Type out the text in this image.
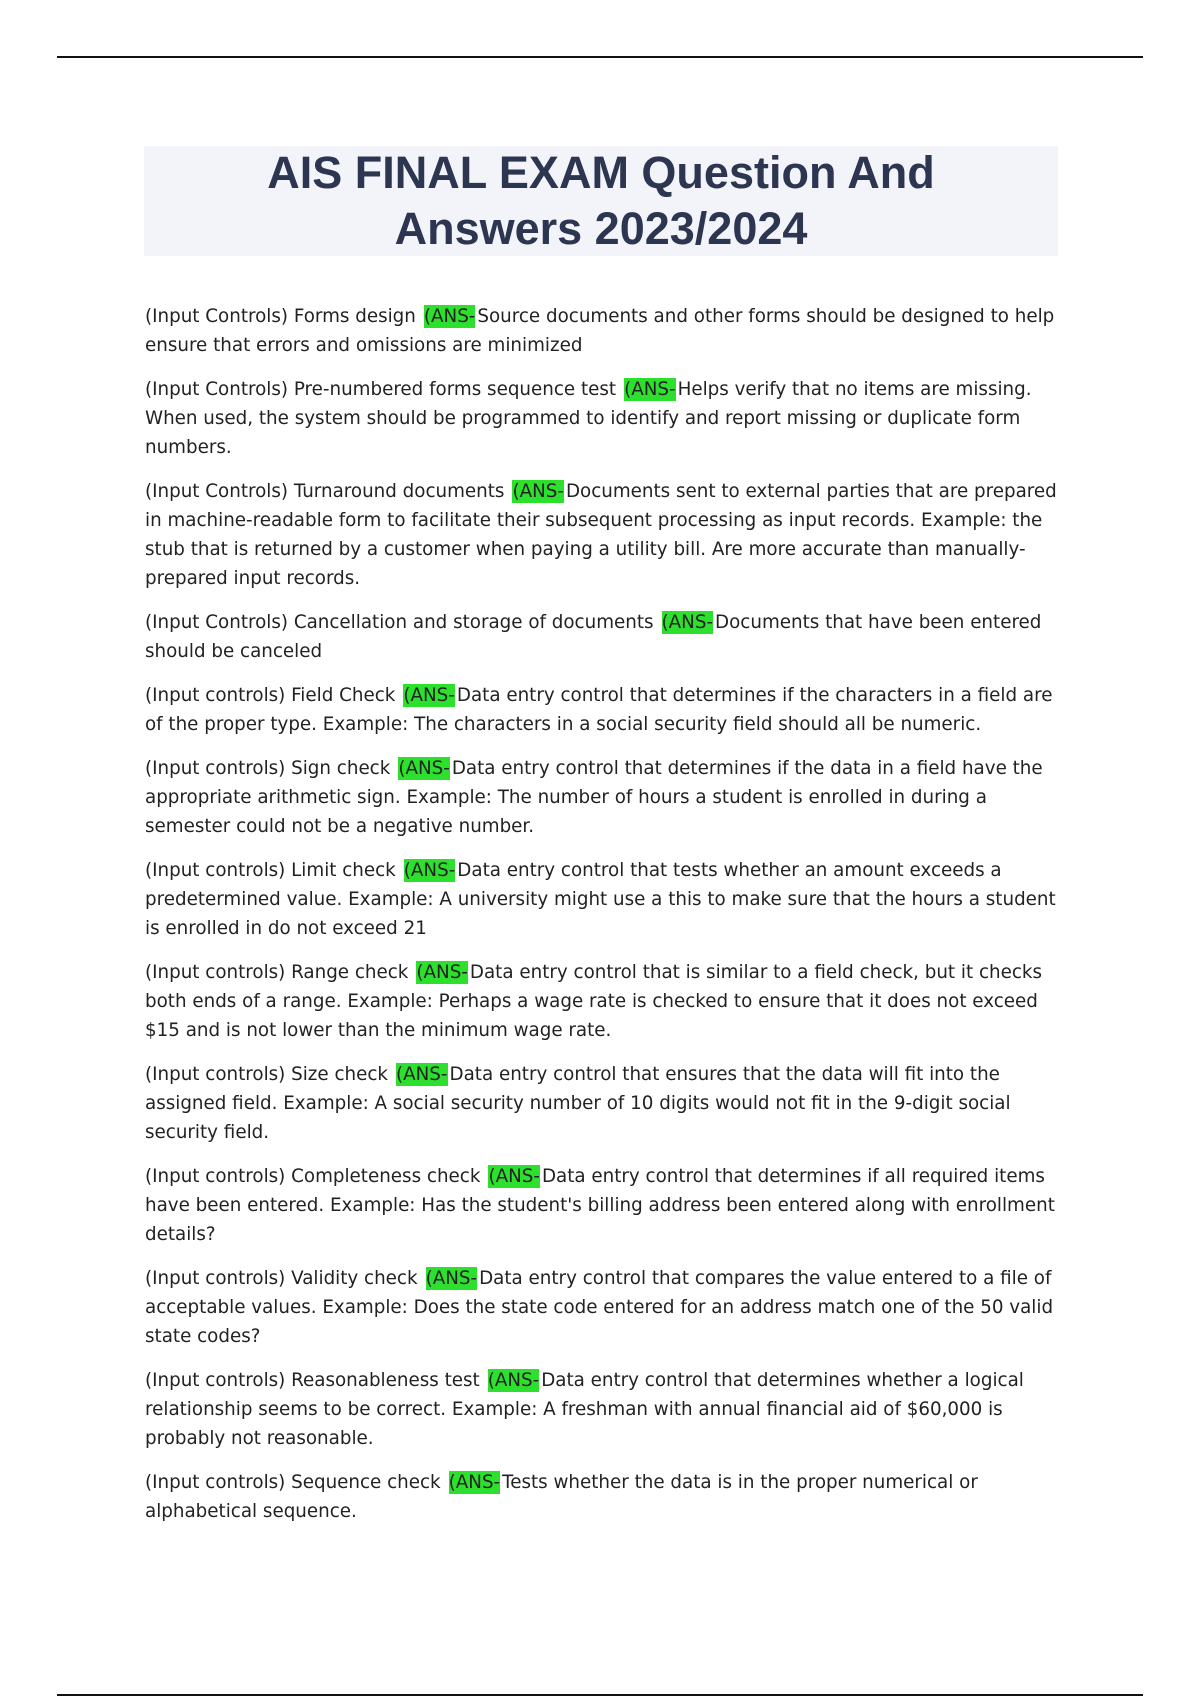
AIS FINAL EXAM Question And Answers 2023/2024

(Input Controls) Forms design (ANS- Source documents and other forms should be designed to help ensure that errors and omissions are minimized

(Input Controls) Pre-numbered forms sequence test (ANS- Helps verify that no items are missing. When used, the system should be programmed to identify and report missing or duplicate form numbers.

(Input Controls) Turnaround documents (ANS- Documents sent to external parties that are prepared in machine-readable form to facilitate their subsequent processing as input records. Example: the stub that is returned by a customer when paying a utility bill. Are more accurate than manually-prepared input records.

(Input Controls) Cancellation and storage of documents (ANS- Documents that have been entered should be canceled

(Input controls) Field Check (ANS- Data entry control that determines if the characters in a field are of the proper type. Example: The characters in a social security field should all be numeric.

(Input controls) Sign check (ANS- Data entry control that determines if the data in a field have the appropriate arithmetic sign. Example: The number of hours a student is enrolled in during a semester could not be a negative number.

(Input controls) Limit check (ANS- Data entry control that tests whether an amount exceeds a predetermined value. Example: A university might use a this to make sure that the hours a student is enrolled in do not exceed 21

(Input controls) Range check (ANS- Data entry control that is similar to a field check, but it checks both ends of a range. Example: Perhaps a wage rate is checked to ensure that it does not exceed $15 and is not lower than the minimum wage rate.

(Input controls) Size check (ANS- Data entry control that ensures that the data will fit into the assigned field. Example: A social security number of 10 digits would not fit in the 9-digit social security field.

(Input controls) Completeness check (ANS- Data entry control that determines if all required items have been entered. Example: Has the student's billing address been entered along with enrollment details?

(Input controls) Validity check (ANS- Data entry control that compares the value entered to a file of acceptable values. Example: Does the state code entered for an address match one of the 50 valid state codes?

(Input controls) Reasonableness test (ANS- Data entry control that determines whether a logical relationship seems to be correct. Example: A freshman with annual financial aid of $60,000 is probably not reasonable.

(Input controls) Sequence check (ANS- Tests whether the data is in the proper numerical or alphabetical sequence.
